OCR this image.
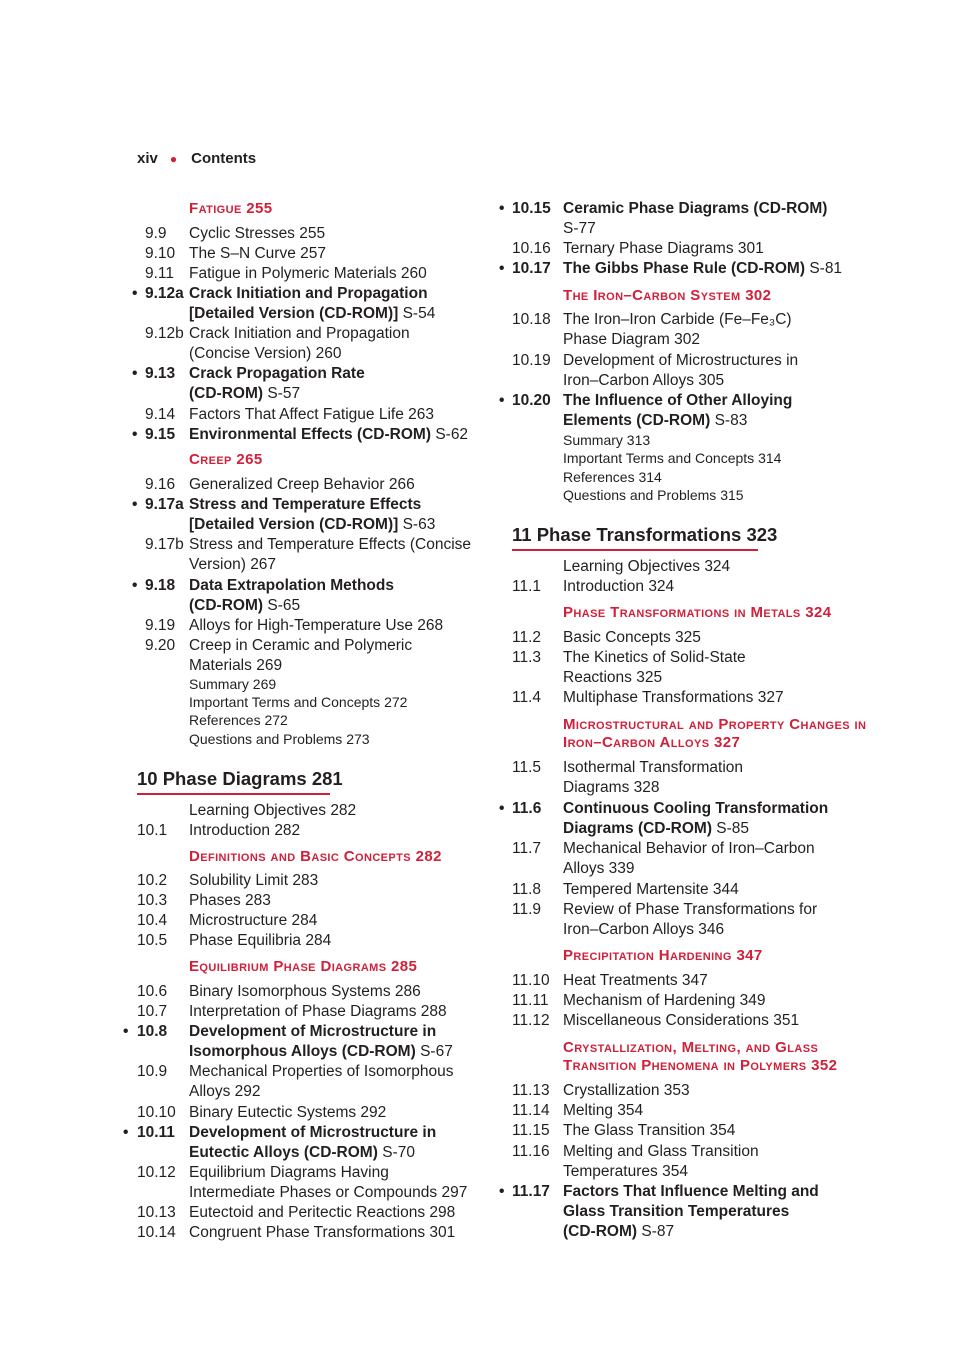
xiv ● Contents
Fatigue 255
9.9 Cyclic Stresses 255
9.10 The S–N Curve 257
9.11 Fatigue in Polymeric Materials 260
• 9.12a Crack Initiation and Propagation
[Detailed Version (CD-ROM)] S-54
9.12b Crack Initiation and Propagation
(Concise Version) 260
• 9.13 Crack Propagation Rate
(CD-ROM) S-57
9.14 Factors That Affect Fatigue Life 263
• 9.15 Environmental Effects (CD-ROM) S-62
Creep 265
9.16 Generalized Creep Behavior 266
• 9.17a Stress and Temperature Effects
[Detailed Version (CD-ROM)] S-63
9.17b Stress and Temperature Effects (Concise
Version) 267
• 9.18 Data Extrapolation Methods
(CD-ROM) S-65
9.19 Alloys for High-Temperature Use 268
9.20 Creep in Ceramic and Polymeric
Materials 269
Summary 269
Important Terms and Concepts 272
References 272
Questions and Problems 273
10 Phase Diagrams 281
Learning Objectives 282
10.1 Introduction 282
Definitions and Basic Concepts 282
10.2 Solubility Limit 283
10.3 Phases 283
10.4 Microstructure 284
10.5 Phase Equilibria 284
Equilibrium Phase Diagrams 285
10.6 Binary Isomorphous Systems 286
10.7 Interpretation of Phase Diagrams 288
• 10.8 Development of Microstructure in
Isomorphous Alloys (CD-ROM) S-67
10.9 Mechanical Properties of Isomorphous
Alloys 292
10.10 Binary Eutectic Systems 292
• 10.11 Development of Microstructure in
Eutectic Alloys (CD-ROM) S-70
10.12 Equilibrium Diagrams Having
Intermediate Phases or Compounds 297
10.13 Eutectoid and Peritectic Reactions 298
10.14 Congruent Phase Transformations 301
• 10.15 Ceramic Phase Diagrams (CD-ROM)
S-77
10.16 Ternary Phase Diagrams 301
• 10.17 The Gibbs Phase Rule (CD-ROM) S-81
The Iron–Carbon System 302
10.18 The Iron–Iron Carbide (Fe–Fe₃C)
Phase Diagram 302
10.19 Development of Microstructures in
Iron–Carbon Alloys 305
• 10.20 The Influence of Other Alloying
Elements (CD-ROM) S-83
Summary 313
Important Terms and Concepts 314
References 314
Questions and Problems 315
11 Phase Transformations 323
Learning Objectives 324
11.1 Introduction 324
Phase Transformations in Metals 324
11.2 Basic Concepts 325
11.3 The Kinetics of Solid-State
Reactions 325
11.4 Multiphase Transformations 327
Microstructural and Property Changes in
Iron–Carbon Alloys 327
11.5 Isothermal Transformation
Diagrams 328
• 11.6 Continuous Cooling Transformation
Diagrams (CD-ROM) S-85
11.7 Mechanical Behavior of Iron–Carbon
Alloys 339
11.8 Tempered Martensite 344
11.9 Review of Phase Transformations for
Iron–Carbon Alloys 346
Precipitation Hardening 347
11.10 Heat Treatments 347
11.11 Mechanism of Hardening 349
11.12 Miscellaneous Considerations 351
Crystallization, Melting, and Glass
Transition Phenomena in Polymers 352
11.13 Crystallization 353
11.14 Melting 354
11.15 The Glass Transition 354
11.16 Melting and Glass Transition
Temperatures 354
• 11.17 Factors That Influence Melting and
Glass Transition Temperatures
(CD-ROM) S-87
